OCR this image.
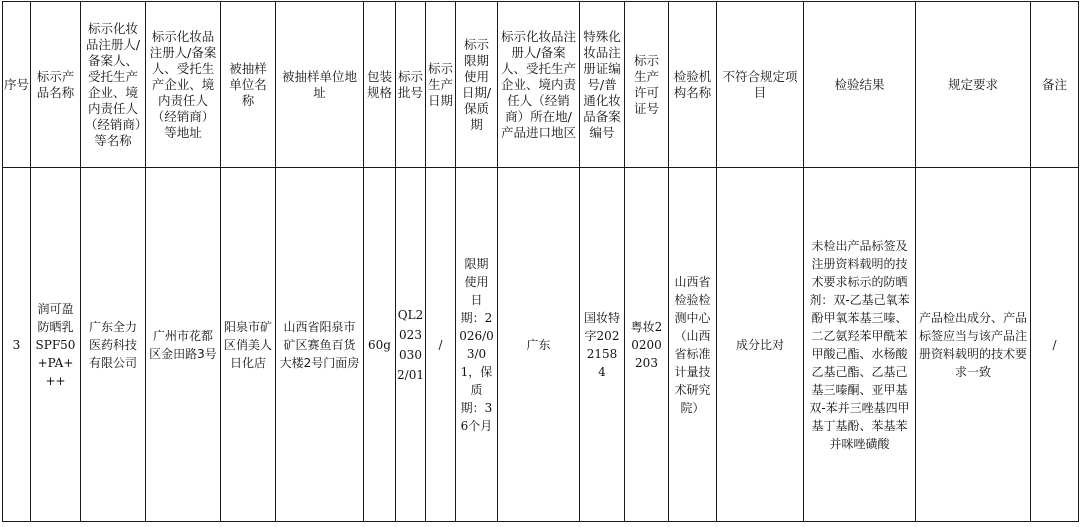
序号	标示产品名称	标示化妆品注册人/备案人、受托生产企业、境内责任人（经销商）等名称	标示化妆品注册人/备案人、受托生产企业、境内责任人（经销商）等地址	被抽样单位名称	被抽样单位地址	包装规格	标示批号	标示生产日期	标示限期使用日期/保质期	标示化妆品注册人/备案人、受托生产企业、境内责任人（经销商）所在地/产品进口地区	特殊化妆品注册证编号/普通化妆品备案编号	标示生产许可证号	检验机构名称	不符合规定项目	检验结果	规定要求	备注
3	润可盈防晒乳SPF50+PA+++	广东全力医药科技有限公司	广州市花都区金田路3号	阳泉市矿区俏美人日化店	山西省阳泉市矿区赛鱼百货大楼2号门面房	60g	QL20230302/01	/	限期使用日期：2026/03/01，保质期：36个月	广东	国妆特字20221584	粤妆20200203	山西省检验检测中心（山西省标准计量技术研究院）	成分比对	未检出产品标签及注册资料载明的技术要求标示的防晒剂：双-乙基己氧苯酚甲氧苯基三嗪、二乙氨羟苯甲酰苯甲酸己酯、水杨酸乙基己酯、乙基己基三嗪酮、亚甲基双-苯并三唑基四甲基丁基酚、苯基苯并咪唑磺酸	产品检出成分、产品标签应当与该产品注册资料载明的技术要求一致	/
